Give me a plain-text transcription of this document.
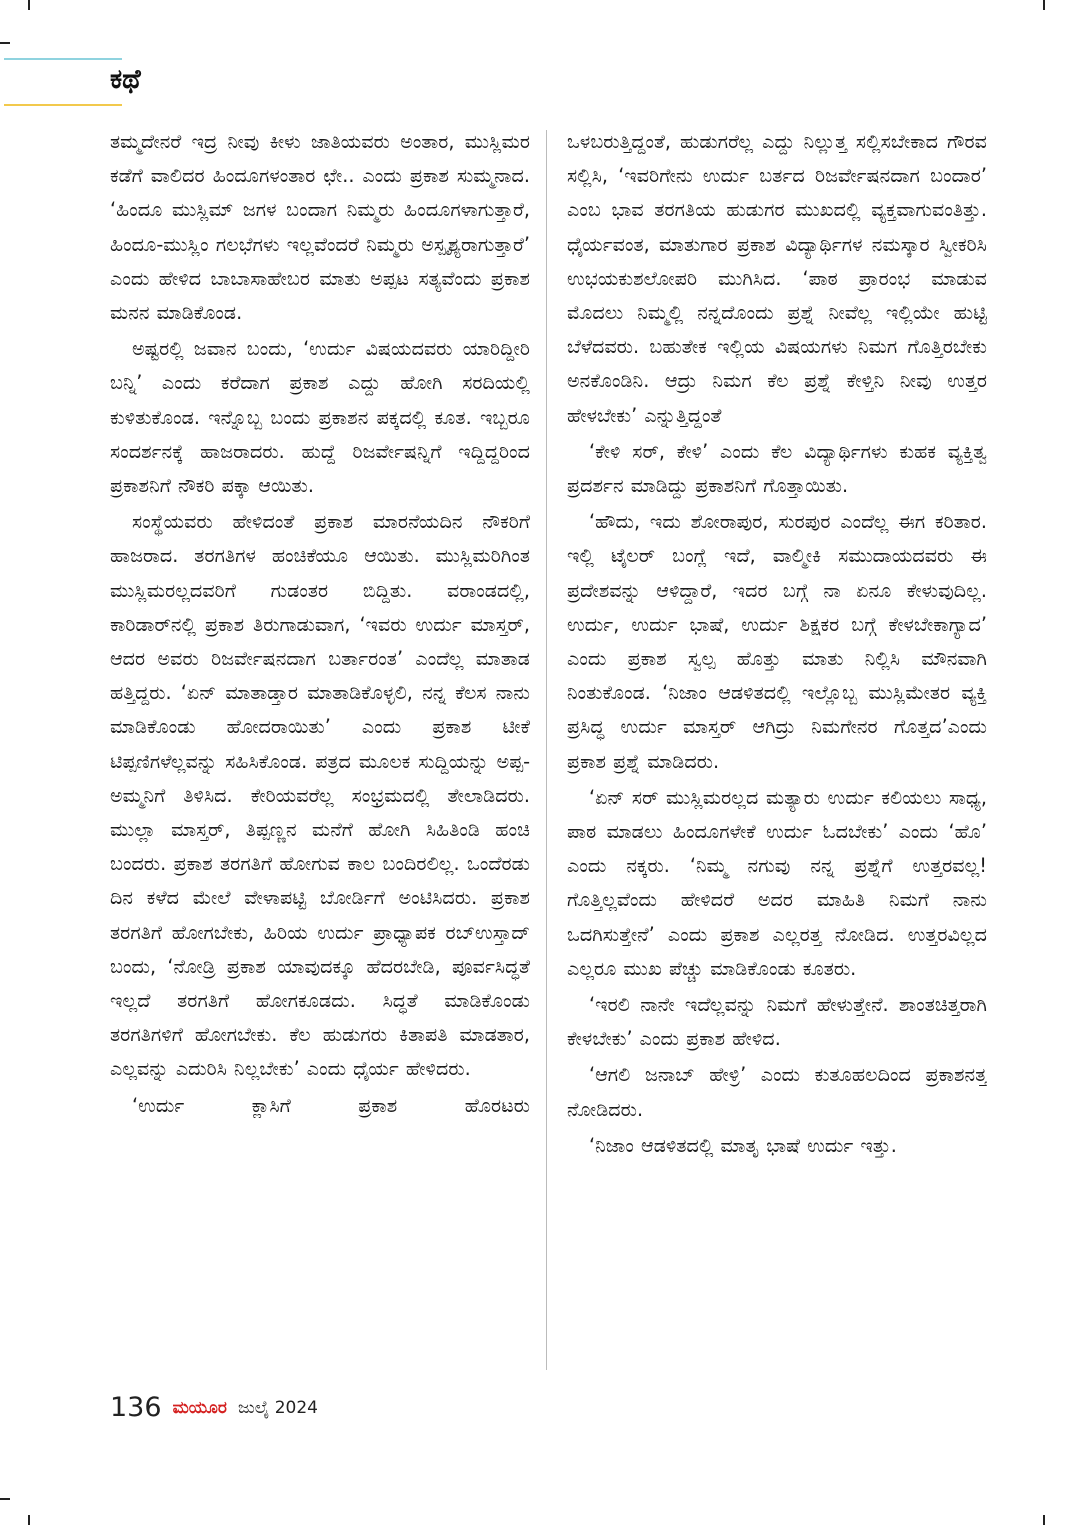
ಕಥೆ

ತಮ್ಮದೇನರೆ ಇದ್ರ ನೀವು ಕೀಳು ಜಾತಿಯವರು ಅಂತಾರ, ಮುಸ್ಲಿಮರ ಕಡೆಗೆ ವಾಲಿದರ ಹಿಂದೂಗಳಂತಾರ ಛೇ.. ಎಂದು ಪ್ರಕಾಶ ಸುಮ್ಮನಾದ. ‘ಹಿಂದೂ ಮುಸ್ಲಿಮ್ ಜಗಳ ಬಂದಾಗ ನಿಮ್ಮರು ಹಿಂದೂಗಳಾಗುತ್ತಾರೆ, ಹಿಂದೂ-ಮುಸ್ಲಿಂ ಗಲಭೆಗಳು ಇಲ್ಲವೆಂದರೆ ನಿಮ್ಮರು ಅಸ್ಪೃಶ್ಯರಾಗುತ್ತಾರೆ’ ಎಂದು ಹೇಳಿದ ಬಾಬಾಸಾಹೇಬರ ಮಾತು ಅಪ್ಪಟ ಸತ್ಯವೆಂದು ಪ್ರಕಾಶ ಮನನ ಮಾಡಿಕೊಂಡ.

ಅಷ್ಟರಲ್ಲಿ ಜವಾನ ಬಂದು, ‘ಉರ್ದು ವಿಷಯದವರು ಯಾರಿದ್ದೀರಿ ಬನ್ನಿ’ ಎಂದು ಕರೆದಾಗ ಪ್ರಕಾಶ ಎದ್ದು ಹೋಗಿ ಸರದಿಯಲ್ಲಿ ಕುಳಿತುಕೊಂಡ. ಇನ್ನೊಬ್ಬ ಬಂದು ಪ್ರಕಾಶನ ಪಕ್ಕದಲ್ಲಿ ಕೂತ. ಇಬ್ಬರೂ ಸಂದರ್ಶನಕ್ಕೆ ಹಾಜರಾದರು. ಹುದ್ದೆ ರಿಜರ್ವೇಷನ್ನಿಗೆ ಇದ್ದಿದ್ದರಿಂದ ಪ್ರಕಾಶನಿಗೆ ನೌಕರಿ ಪಕ್ಕಾ ಆಯಿತು.

ಸಂಸ್ಥೆಯವರು ಹೇಳಿದಂತೆ ಪ್ರಕಾಶ ಮಾರನೆಯದಿನ ನೌಕರಿಗೆ ಹಾಜರಾದ. ತರಗತಿಗಳ ಹಂಚಿಕೆಯೂ ಆಯಿತು. ಮುಸ್ಲಿಮರಿಗಿಂತ ಮುಸ್ಲಿಮರಲ್ಲದವರಿಗೆ ಗುಡಂತರ ಬಿದ್ದಿತು. ವರಾಂಡದಲ್ಲಿ, ಕಾರಿಡಾರ್‌ನಲ್ಲಿ ಪ್ರಕಾಶ ತಿರುಗಾಡುವಾಗ, ‘ಇವರು ಉರ್ದು ಮಾಸ್ತರ್, ಆದರ ಅವರು ರಿಜರ್ವೇಷನದಾಗ ಬರ್ತಾರಂತ’ ಎಂದೆಲ್ಲ ಮಾತಾಡ ಹತ್ತಿದ್ದರು. ‘ಏನ್ ಮಾತಾಡ್ತಾರ ಮಾತಾಡಿಕೊಳ್ಳಲಿ, ನನ್ನ ಕೆಲಸ ನಾನು ಮಾಡಿಕೊಂಡು ಹೋದರಾಯಿತು’ ಎಂದು ಪ್ರಕಾಶ ಟೀಕೆ ಟಿಪ್ಪಣಿಗಳೆಲ್ಲವನ್ನು ಸಹಿಸಿಕೊಂಡ. ಪತ್ರದ ಮೂಲಕ ಸುದ್ದಿಯನ್ನು ಅಪ್ಪ-ಅಮ್ಮನಿಗೆ ತಿಳಿಸಿದ. ಕೇರಿಯವರೆಲ್ಲ ಸಂಭ್ರಮದಲ್ಲಿ ತೇಲಾಡಿದರು. ಮುಲ್ಲಾ ಮಾಸ್ತರ್, ತಿಪ್ಪಣ್ಣನ ಮನೆಗೆ ಹೋಗಿ ಸಿಹಿತಿಂಡಿ ಹಂಚಿ ಬಂದರು. ಪ್ರಕಾಶ ತರಗತಿಗೆ ಹೋಗುವ ಕಾಲ ಬಂದಿರಲಿಲ್ಲ. ಒಂದೆರಡು ದಿನ ಕಳೆದ ಮೇಲೆ ವೇಳಾಪಟ್ಟಿ ಬೋರ್ಡಿಗೆ ಅಂಟಿಸಿದರು. ಪ್ರಕಾಶ ತರಗತಿಗೆ ಹೋಗಬೇಕು, ಹಿರಿಯ ಉರ್ದು ಪ್ರಾಧ್ಯಾಪಕ ರಬ್ಉಸ್ತಾದ್ ಬಂದು, ‘ನೋಡ್ರಿ ಪ್ರಕಾಶ ಯಾವುದಕ್ಕೂ ಹೆದರಬೇಡಿ, ಪೂರ್ವಸಿದ್ಧತೆ ಇಲ್ಲದೆ ತರಗತಿಗೆ ಹೋಗಕೂಡದು. ಸಿದ್ಧತೆ ಮಾಡಿಕೊಂಡು ತರಗತಿಗಳಿಗೆ ಹೋಗಬೇಕು. ಕೆಲ ಹುಡುಗರು ಕಿತಾಪತಿ ಮಾಡತಾರ, ಎಲ್ಲವನ್ನು ಎದುರಿಸಿ ನಿಲ್ಲಬೇಕು’ ಎಂದು ಧೈರ್ಯ ಹೇಳಿದರು.

‘ಉರ್ದು ಕ್ಲಾಸಿಗೆ ಪ್ರಕಾಶ ಹೊರಟರು

ಒಳಬರುತ್ತಿದ್ದಂತೆ, ಹುಡುಗರೆಲ್ಲ ಎದ್ದು ನಿಲ್ಲುತ್ತ ಸಲ್ಲಿಸಬೇಕಾದ ಗೌರವ ಸಲ್ಲಿಸಿ, ‘ಇವರಿಗೇನು ಉರ್ದು ಬರ್ತದ ರಿಜರ್ವೇಷನದಾಗ ಬಂದಾರ’ ಎಂಬ ಭಾವ ತರಗತಿಯ ಹುಡುಗರ ಮುಖದಲ್ಲಿ ವ್ಯಕ್ತವಾಗುವಂತಿತ್ತು. ಧೈರ್ಯವಂತ, ಮಾತುಗಾರ ಪ್ರಕಾಶ ವಿದ್ಯಾರ್ಥಿಗಳ ನಮಸ್ಕಾರ ಸ್ವೀಕರಿಸಿ ಉಭಯಕುಶಲೋಪರಿ ಮುಗಿಸಿದ. ‘ಪಾಠ ಪ್ರಾರಂಭ ಮಾಡುವ ಮೊದಲು ನಿಮ್ಮಲ್ಲಿ ನನ್ನದೊಂದು ಪ್ರಶ್ನೆ ನೀವೆಲ್ಲ ಇಲ್ಲಿಯೇ ಹುಟ್ಟಿ ಬೆಳೆದವರು. ಬಹುತೇಕ ಇಲ್ಲಿಯ ವಿಷಯಗಳು ನಿಮಗ ಗೊತ್ತಿರಬೇಕು ಅನಕೊಂಡಿನಿ. ಆದ್ರು ನಿಮಗ ಕೆಲ ಪ್ರಶ್ನೆ ಕೇಳ್ತಿನಿ ನೀವು ಉತ್ತರ ಹೇಳಬೇಕು’ ಎನ್ನುತ್ತಿದ್ದಂತೆ

‘ಕೇಳಿ ಸರ್, ಕೇಳಿ’ ಎಂದು ಕೆಲ ವಿದ್ಯಾರ್ಥಿಗಳು ಕುಹಕ ವ್ಯಕ್ತಿತ್ವ ಪ್ರದರ್ಶನ ಮಾಡಿದ್ದು ಪ್ರಕಾಶನಿಗೆ ಗೊತ್ತಾಯಿತು.

‘ಹೌದು, ಇದು ಶೋರಾಪುರ, ಸುರಪುರ ಎಂದೆಲ್ಲ ಈಗ ಕರಿತಾರ. ಇಲ್ಲಿ ಟೈಲರ್ ಬಂಗ್ಲೆ ಇದೆ, ವಾಲ್ಮೀಕಿ ಸಮುದಾಯದವರು ಈ ಪ್ರದೇಶವನ್ನು ಆಳಿದ್ದಾರೆ, ಇದರ ಬಗ್ಗೆ ನಾ ಏನೂ ಕೇಳುವುದಿಲ್ಲ. ಉರ್ದು, ಉರ್ದು ಭಾಷೆ, ಉರ್ದು ಶಿಕ್ಷಕರ ಬಗ್ಗೆ ಕೇಳಬೇಕಾಗ್ಯಾದ’ ಎಂದು ಪ್ರಕಾಶ ಸ್ವಲ್ಪ ಹೊತ್ತು ಮಾತು ನಿಲ್ಲಿಸಿ ಮೌನವಾಗಿ ನಿಂತುಕೊಂಡ. ‘ನಿಜಾಂ ಆಡಳಿತದಲ್ಲಿ ಇಲ್ಲೊಬ್ಬ ಮುಸ್ಲಿಮೇತರ ವ್ಯಕ್ತಿ ಪ್ರಸಿದ್ಧ ಉರ್ದು ಮಾಸ್ತರ್ ಆಗಿದ್ರು ನಿಮಗೇನರ ಗೊತ್ತದ’ಎಂದು ಪ್ರಕಾಶ ಪ್ರಶ್ನೆ ಮಾಡಿದರು.

‘ಏನ್ ಸರ್ ಮುಸ್ಲಿಮರಲ್ಲದ ಮತ್ಯಾರು ಉರ್ದು ಕಲಿಯಲು ಸಾಧ್ಯ, ಪಾಠ ಮಾಡಲು ಹಿಂದೂಗಳೇಕೆ ಉರ್ದು ಓದಬೇಕು’ ಎಂದು ‘ಹೊ’ ಎಂದು ನಕ್ಕರು. ‘ನಿಮ್ಮ ನಗುವು ನನ್ನ ಪ್ರಶ್ನೆಗೆ ಉತ್ತರವಲ್ಲ! ಗೊತ್ತಿಲ್ಲವೆಂದು ಹೇಳಿದರೆ ಅದರ ಮಾಹಿತಿ ನಿಮಗೆ ನಾನು ಒದಗಿಸುತ್ತೇನೆ’ ಎಂದು ಪ್ರಕಾಶ ಎಲ್ಲರತ್ತ ನೋಡಿದ. ಉತ್ತರವಿಲ್ಲದ ಎಲ್ಲರೂ ಮುಖ ಪೆಚ್ಚು ಮಾಡಿಕೊಂಡು ಕೂತರು.

‘ಇರಲಿ ನಾನೇ ಇದೆಲ್ಲವನ್ನು ನಿಮಗೆ ಹೇಳುತ್ತೇನೆ. ಶಾಂತಚಿತ್ತರಾಗಿ ಕೇಳಬೇಕು’ ಎಂದು ಪ್ರಕಾಶ ಹೇಳಿದ.

‘ಆಗಲಿ ಜನಾಬ್ ಹೇಳ್ರಿ’ ಎಂದು ಕುತೂಹಲದಿಂದ ಪ್ರಕಾಶನತ್ತ ನೋಡಿದರು.

‘ನಿಜಾಂ ಆಡಳಿತದಲ್ಲಿ ಮಾತೃ ಭಾಷೆ ಉರ್ದು ಇತ್ತು.

136 ಮಯೂರ ಜುಲೈ 2024
